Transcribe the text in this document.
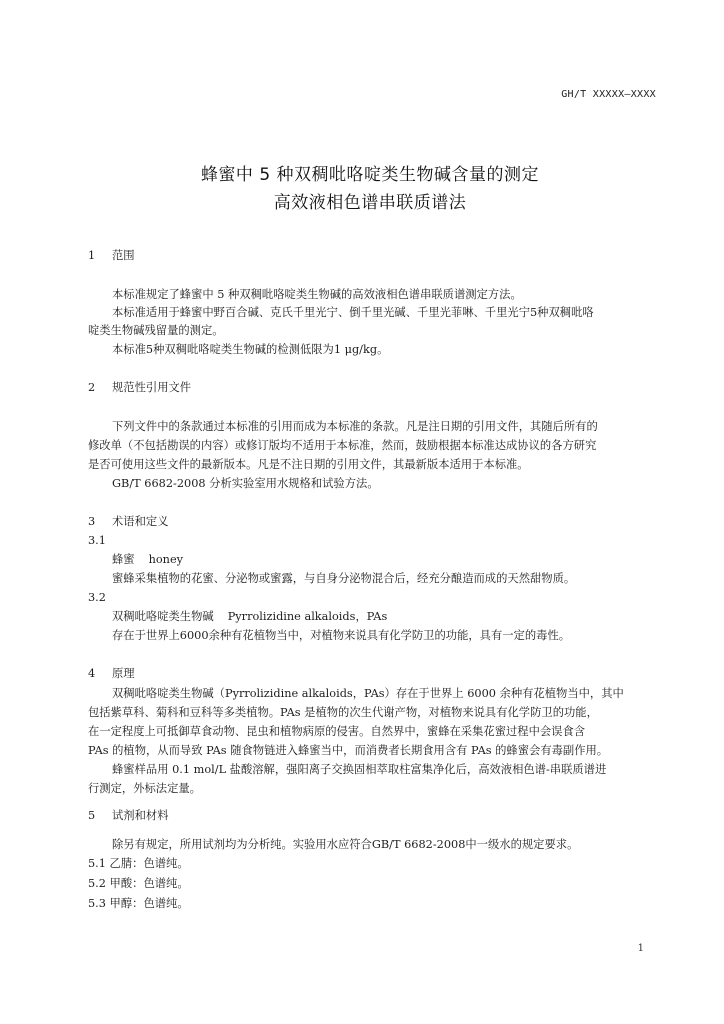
GH/T XXXXX—XXXX
蜂蜜中 5 种双稠吡咯啶类生物碱含量的测定
高效液相色谱串联质谱法
1 范围
本标准规定了蜂蜜中 5 种双稠吡咯啶类生物碱的高效液相色谱串联质谱测定方法。
本标准适用于蜂蜜中野百合碱、克氏千里光宁、倒千里光碱、千里光菲啉、千里光宁5种双稠吡咯
啶类生物碱残留量的测定。
本标准5种双稠吡咯啶类生物碱的检测低限为1 μg/kg。
2 规范性引用文件
下列文件中的条款通过本标准的引用而成为本标准的条款。凡是注日期的引用文件，其随后所有的
修改单（不包括勘误的内容）或修订版均不适用于本标准，然而，鼓励根据本标准达成协议的各方研究
是否可使用这些文件的最新版本。凡是不注日期的引用文件，其最新版本适用于本标准。
GB/T 6682-2008 分析实验室用水规格和试验方法。
3 术语和定义
3.1
蜂蜜 honey
蜜蜂采集植物的花蜜、分泌物或蜜露，与自身分泌物混合后，经充分酿造而成的天然甜物质。
3.2
双稠吡咯啶类生物碱 Pyrrolizidine alkaloids，PAs
存在于世界上6000余种有花植物当中，对植物来说具有化学防卫的功能，具有一定的毒性。
4 原理
双稠吡咯啶类生物碱（Pyrrolizidine alkaloids，PAs）存在于世界上 6000 余种有花植物当中，其中
包括紫草科、菊科和豆科等多类植物。PAs 是植物的次生代谢产物，对植物来说具有化学防卫的功能，
在一定程度上可抵御草食动物、昆虫和植物病原的侵害。自然界中，蜜蜂在采集花蜜过程中会误食含
PAs 的植物，从而导致 PAs 随食物链进入蜂蜜当中，而消费者长期食用含有 PAs 的蜂蜜会有毒副作用。
蜂蜜样品用 0.1 mol/L 盐酸溶解，强阳离子交换固相萃取柱富集净化后，高效液相色谱-串联质谱进
行测定，外标法定量。
5 试剂和材料
除另有规定，所用试剂均为分析纯。实验用水应符合GB/T 6682-2008中一级水的规定要求。
5.1 乙腈：色谱纯。
5.2 甲酸：色谱纯。
5.3 甲醇：色谱纯。
1
